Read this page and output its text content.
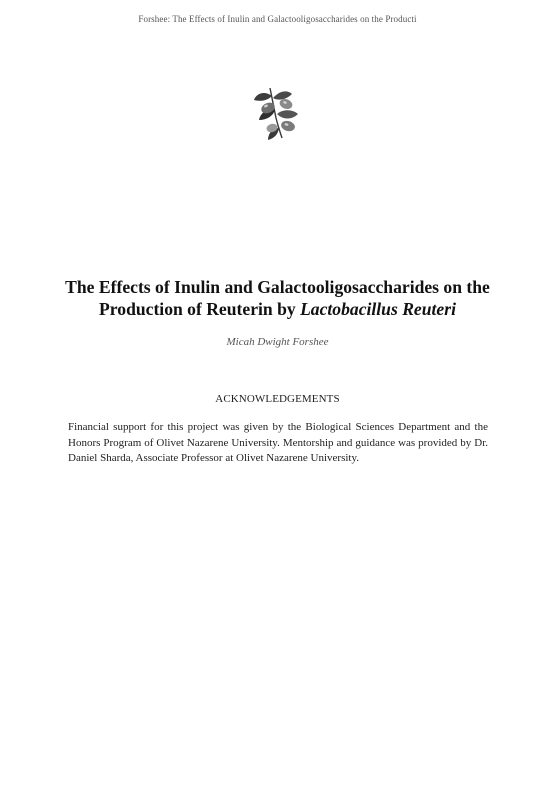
Forshee: The Effects of Inulin and Galactooligosaccharides on the Producti
The Effects of Inulin and Galactooligosaccharides on the Production of Reuterin by Lactobacillus Reuteri
Micah Dwight Forshee
ACKNOWLEDGEMENTS

Financial support for this project was given by the Biological Sciences Department and the Honors Program of Olivet Nazarene University. Mentorship and guidance was provided by Dr. Daniel Sharda, Associate Professor at Olivet Nazarene University.
